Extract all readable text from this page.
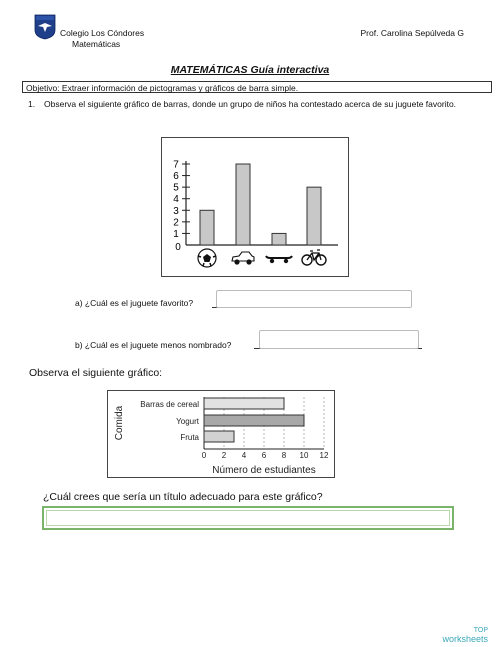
Colegio Los Cóndores
Matemáticas
Prof. Carolina Sepúlveda G
MATEMÁTICAS Guía interactiva
Objetivo: Extraer información de pictogramas y gráficos de barra simple.
1.	Observa el siguiente gráfico de barras, donde un grupo de niños ha contestado acerca de su juguete favorito.
0
1
2
3
4
5
6
7
a) ¿Cuál es el juguete favorito?
b) ¿Cuál es el juguete menos nombrado?
Observa el siguiente gráfico:
0 2 4 6 8 10 12
Barras de cereal
Yogurt
Fruta
Número de estudiantes
Comida
¿Cuál crees que sería un título adecuado para este gráfico?
TOP
worksheets
